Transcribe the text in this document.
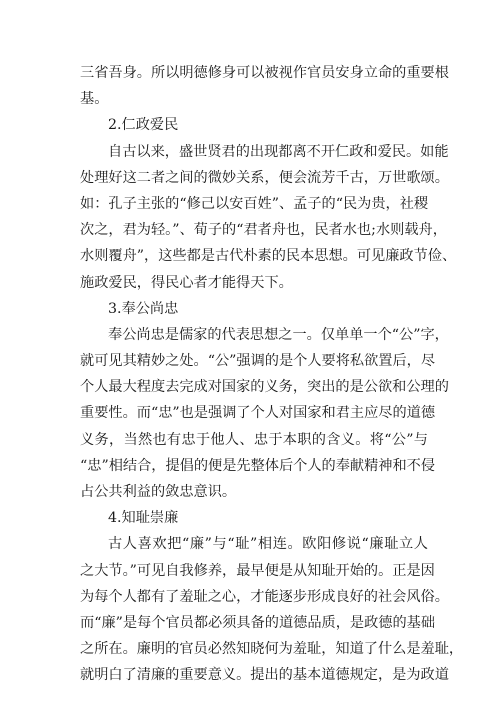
三省吾身。所以明德修身可以被视作官员安身立命的重要根
基。
2.仁政爱民
自古以来，盛世贤君的出现都离不开仁政和爱民。如能
处理好这二者之间的微妙关系，便会流芳千古，万世歌颂。
如：孔子主张的“修己以安百姓”、孟子的“民为贵，社稷
次之，君为轻。”、荀子的“君者舟也，民者水也;水则载舟，
水则覆舟”，这些都是古代朴素的民本思想。可见廉政节俭、
施政爱民，得民心者才能得天下。
3.奉公尚忠
奉公尚忠是儒家的代表思想之一。仅单单一个“公”字，
就可见其精妙之处。“公”强调的是个人要将私欲置后，尽
个人最大程度去完成对国家的义务，突出的是公欲和公理的
重要性。而“忠”也是强调了个人对国家和君主应尽的道德
义务，当然也有忠于他人、忠于本职的含义。将“公”与
“忠”相结合，提倡的便是先整体后个人的奉献精神和不侵
占公共利益的敛忠意识。
4.知耻崇廉
古人喜欢把“廉”与“耻”相连。欧阳修说“廉耻立人
之大节。”可见自我修养，最早便是从知耻开始的。正是因
为每个人都有了羞耻之心，才能逐步形成良好的社会风俗。
而“廉”是每个官员都必须具备的道德品质，是政德的基础
之所在。廉明的官员必然知晓何为羞耻，知道了什么是羞耻，
就明白了清廉的重要意义。提出的基本道德规定，是为政道
